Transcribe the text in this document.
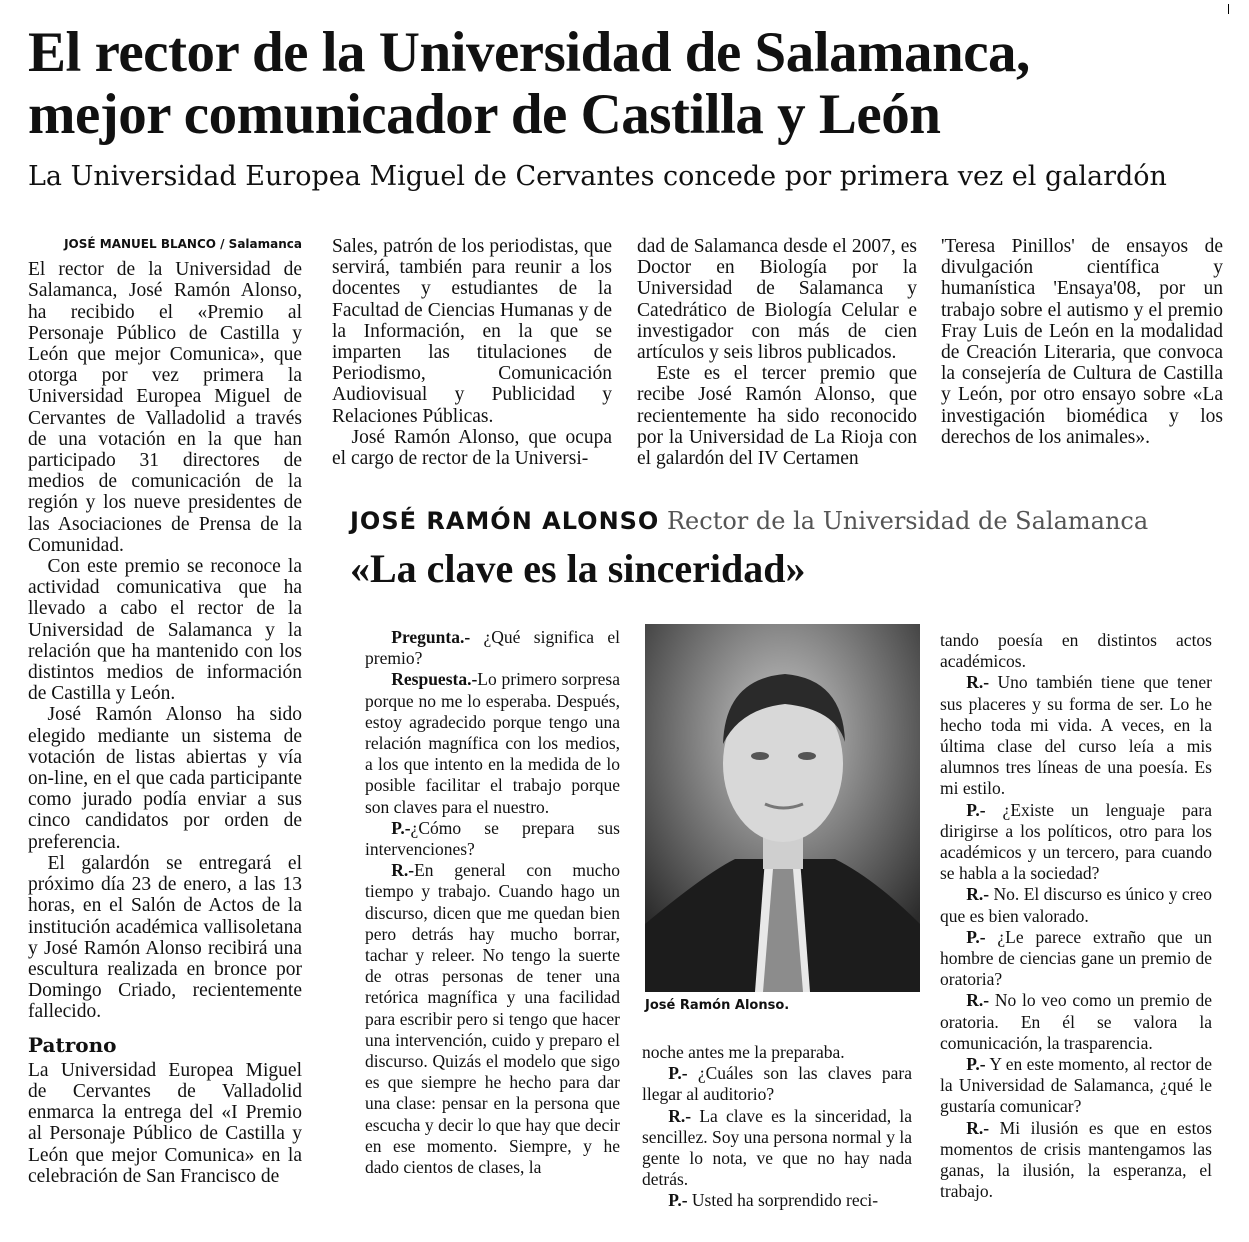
El rector de la Universidad de Salamanca,
mejor comunicador de Castilla y León
La Universidad Europea Miguel de Cervantes concede por primera vez el galardón
JOSÉ MANUEL BLANCO / Salamanca

El rector de la Universidad de Salamanca, José Ramón Alonso, ha recibido el «Premio al Personaje Público de Castilla y León que mejor Comunica», que otorga por vez primera la Universidad Europea Miguel de Cervantes de Valladolid a través de una votación en la que han participado 31 directores de medios de comunicación de la región y los nueve presidentes de las Asociaciones de Prensa de la Comunidad.

Con este premio se reconoce la actividad comunicativa que ha llevado a cabo el rector de la Universidad de Salamanca y la relación que ha mantenido con los distintos medios de información de Castilla y León.

José Ramón Alonso ha sido elegido mediante un sistema de votación de listas abiertas y vía on-line, en el que cada participante como jurado podía enviar a sus cinco candidatos por orden de preferencia.

El galardón se entregará el próximo día 23 de enero, a las 13 horas, en el Salón de Actos de la institución académica vallisoletana y José Ramón Alonso recibirá una escultura realizada en bronce por Domingo Criado, recientemente fallecido.

Patrono

La Universidad Europea Miguel de Cervantes de Valladolid enmarca la entrega del «I Premio al Personaje Público de Castilla y León que mejor Comunica» en la celebración de San Francisco de

Sales, patrón de los periodistas, que servirá, también para reunir a los docentes y estudiantes de la Facultad de Ciencias Humanas y de la Información, en la que se imparten las titulaciones de Periodismo, Comunicación Audiovisual y Publicidad y Relaciones Públicas.

José Ramón Alonso, que ocupa el cargo de rector de la Universi-

dad de Salamanca desde el 2007, es Doctor en Biología por la Universidad de Salamanca y Catedrático de Biología Celular e investigador con más de cien artículos y seis libros publicados.

Este es el tercer premio que recibe José Ramón Alonso, que recientemente ha sido reconocido por la Universidad de La Rioja con el galardón del IV Certamen

'Teresa Pinillos' de ensayos de divulgación científica y humanística 'Ensaya'08, por un trabajo sobre el autismo y el premio Fray Luis de León en la modalidad de Creación Literaria, que convoca la consejería de Cultura de Castilla y León, por otro ensayo sobre «La investigación biomédica y los derechos de los animales».

JOSÉ RAMÓN ALONSO Rector de la Universidad de Salamanca
«La clave es la sinceridad»

Pregunta.- ¿Qué significa el premio?

Respuesta.-Lo primero sorpresa porque no me lo esperaba. Después, estoy agradecido porque tengo una relación magnífica con los medios, a los que intento en la medida de lo posible facilitar el trabajo porque son claves para el nuestro.

P.-¿Cómo se prepara sus intervenciones?

R.-En general con mucho tiempo y trabajo. Cuando hago un discurso, dicen que me quedan bien pero detrás hay mucho borrar, tachar y releer. No tengo la suerte de otras personas de tener una retórica magnífica y una facilidad para escribir pero si tengo que hacer una intervención, cuido y preparo el discurso. Quizás el modelo que sigo es que siempre he hecho para dar una clase: pensar en la persona que escucha y decir lo que hay que decir en ese momento. Siempre, y he dado cientos de clases, la

José Ramón Alonso.

noche antes me la preparaba.

P.- ¿Cuáles son las claves para llegar al auditorio?

R.- La clave es la sinceridad, la sencillez. Soy una persona normal y la gente lo nota, ve que no hay nada detrás.

P.- Usted ha sorprendido reci-

tando poesía en distintos actos académicos.

R.- Uno también tiene que tener sus placeres y su forma de ser. Lo he hecho toda mi vida. A veces, en la última clase del curso leía a mis alumnos tres líneas de una poesía. Es mi estilo.

P.- ¿Existe un lenguaje para dirigirse a los políticos, otro para los académicos y un tercero, para cuando se habla a la sociedad?

R.- No. El discurso es único y creo que es bien valorado.

P.- ¿Le parece extraño que un hombre de ciencias gane un premio de oratoria?

R.- No lo veo como un premio de oratoria. En él se valora la comunicación, la trasparencia.

P.- Y en este momento, al rector de la Universidad de Salamanca, ¿qué le gustaría comunicar?

R.- Mi ilusión es que en estos momentos de crisis mantengamos las ganas, la ilusión, la esperanza, el trabajo.
